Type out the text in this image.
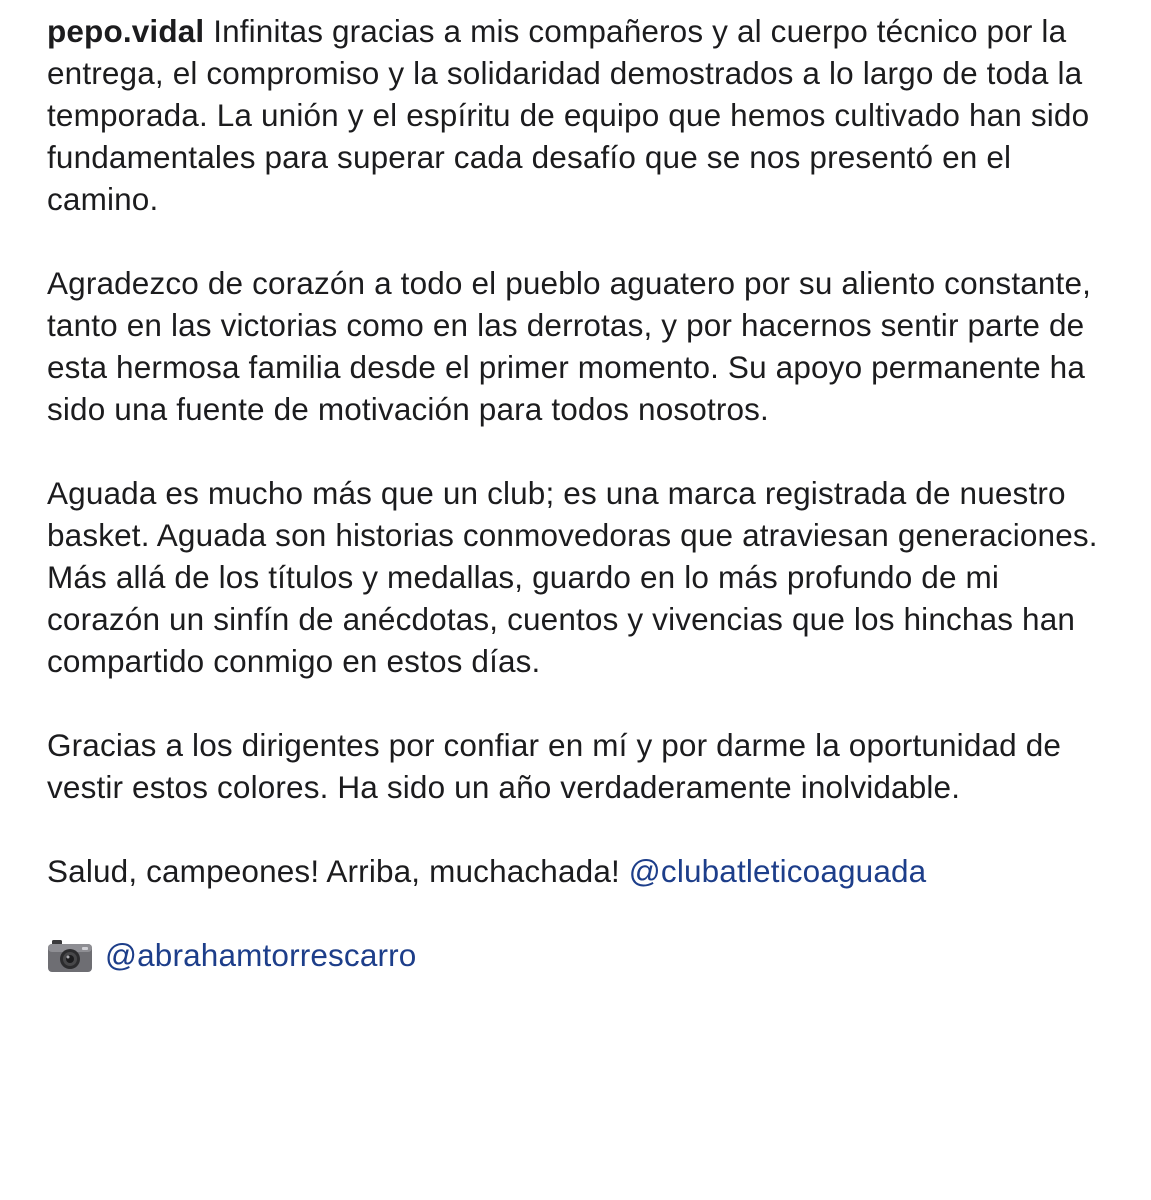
pepo.vidal Infinitas gracias a mis compañeros y al cuerpo técnico por la entrega, el compromiso y la solidaridad demostrados a lo largo de toda la temporada. La unión y el espíritu de equipo que hemos cultivado han sido fundamentales para superar cada desafío que se nos presentó en el camino.

Agradezco de corazón a todo el pueblo aguatero por su aliento constante, tanto en las victorias como en las derrotas, y por hacernos sentir parte de esta hermosa familia desde el primer momento. Su apoyo permanente ha sido una fuente de motivación para todos nosotros.

Aguada es mucho más que un club; es una marca registrada de nuestro basket. Aguada son historias conmovedoras que atraviesan generaciones. Más allá de los títulos y medallas, guardo en lo más profundo de mi corazón un sinfín de anécdotas, cuentos y vivencias que los hinchas han compartido conmigo en estos días.

Gracias a los dirigentes por confiar en mí y por darme la oportunidad de vestir estos colores. Ha sido un año verdaderamente inolvidable.

Salud, campeones! Arriba, muchachada! @clubatleticoaguada

@abrahamtorrescarro
